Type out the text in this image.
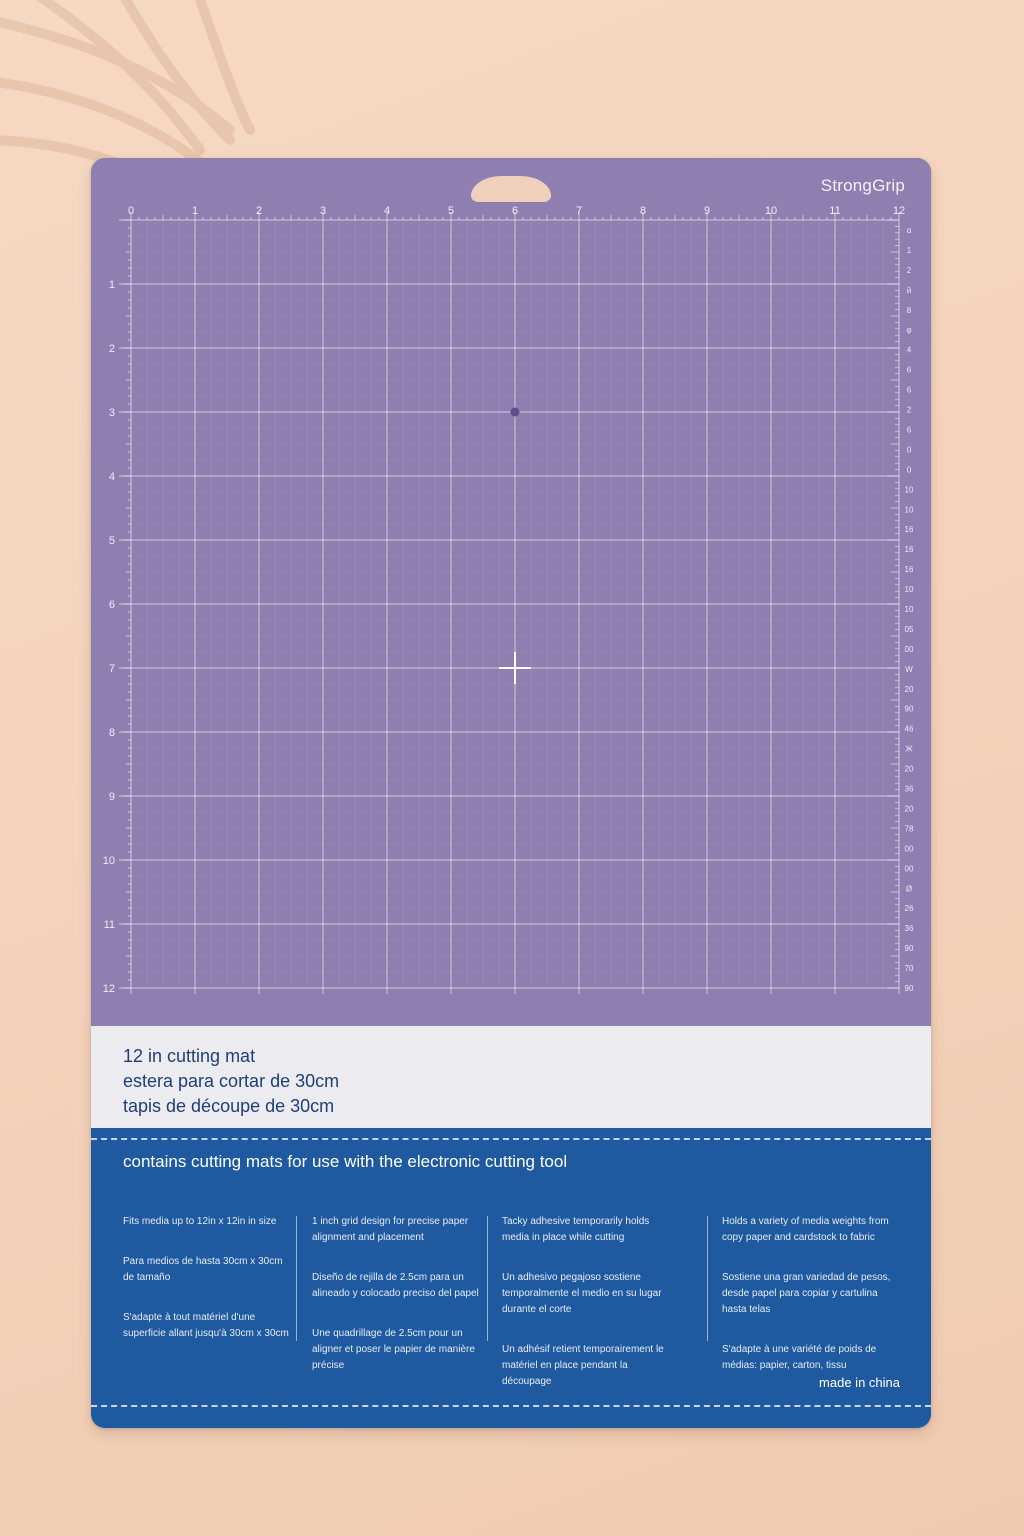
StrongGrip
0	1	2	3	4	5	6	7	8	9	10	11	12
1
2
3
4
5
6
7
8
9
10
11
12
α
1
2
й
8
φ
4
6
6
2
6
0
0
10
10
16
16
16
10
10
05
00
W
20
90
46
Ж
20
36
20
78
00
00
Ø
26
36
90
70
90
12 in cutting mat
estera para cortar de 30cm
tapis de découpe de 30cm
contains cutting mats for use with the electronic cutting tool

Fits media up to 12in x 12in in size

Para medios de hasta 30cm x 30cm de tamaño

S'adapte à tout matériel d'une superficie allant jusqu'à 30cm x 30cm

1 inch grid design for precise paper alignment and placement

Diseño de rejilla de 2.5cm para un alineado y colocado preciso del papel

Une quadrillage de 2.5cm pour un aligner et poser le papier de manière précise

Tacky adhesive temporarily holds media in place while cutting

Un adhesivo pegajoso sostiene temporalmente el medio en su lugar durante el corte

Un adhésif retient temporairement le matériel en place pendant la découpage

Holds a variety of media weights from copy paper and cardstock to fabric

Sostiene una gran variedad de pesos, desde papel para copiar y cartulina hasta telas

S'adapte à une variété de poids de médias: papier, carton, tissu

made in china
